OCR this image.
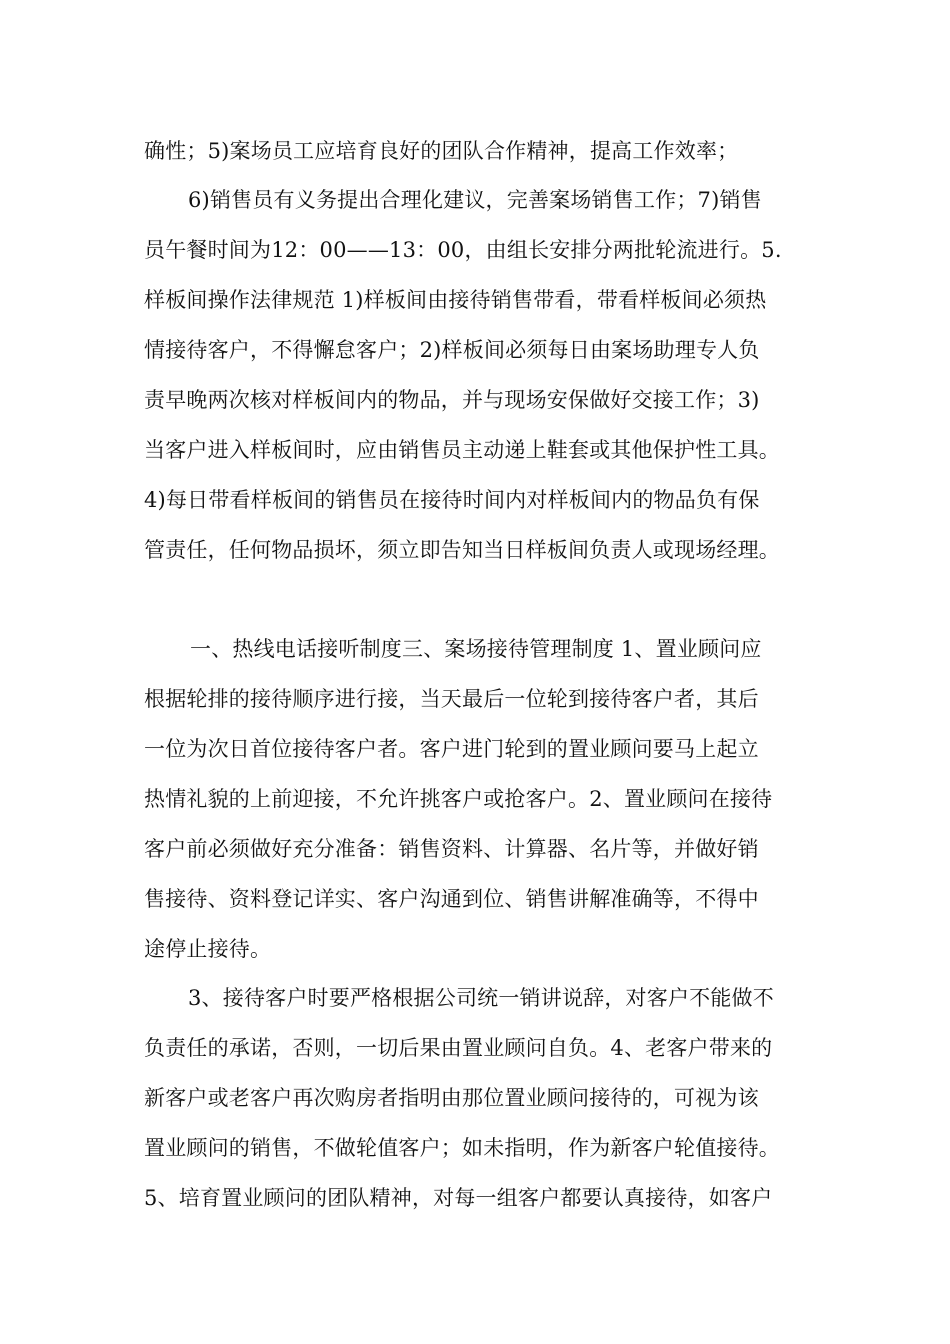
确性；5)案场员工应培育良好的团队合作精神，提高工作效率；
6)销售员有义务提出合理化建议，完善案场销售工作；7)销售
员午餐时间为12：00——13：00，由组长安排分两批轮流进行。5.
样板间操作法律规范 1)样板间由接待销售带看，带看样板间必须热
情接待客户，不得懈怠客户；2)样板间必须每日由案场助理专人负
责早晚两次核对样板间内的物品，并与现场安保做好交接工作；3)
当客户进入样板间时，应由销售员主动递上鞋套或其他保护性工具。
4)每日带看样板间的销售员在接待时间内对样板间内的物品负有保
管责任，任何物品损坏，须立即告知当日样板间负责人或现场经理。
一、热线电话接听制度三、案场接待管理制度 1、置业顾问应
根据轮排的接待顺序进行接，当天最后一位轮到接待客户者，其后
一位为次日首位接待客户者。客户进门轮到的置业顾问要马上起立
热情礼貌的上前迎接，不允许挑客户或抢客户。2、置业顾问在接待
客户前必须做好充分准备：销售资料、计算器、名片等，并做好销
售接待、资料登记详实、客户沟通到位、销售讲解准确等，不得中
途停止接待。
3、接待客户时要严格根据公司统一销讲说辞，对客户不能做不
负责任的承诺，否则，一切后果由置业顾问自负。4、老客户带来的
新客户或老客户再次购房者指明由那位置业顾问接待的，可视为该
置业顾问的销售，不做轮值客户；如未指明，作为新客户轮值接待。
5、培育置业顾问的团队精神，对每一组客户都要认真接待，如客户
